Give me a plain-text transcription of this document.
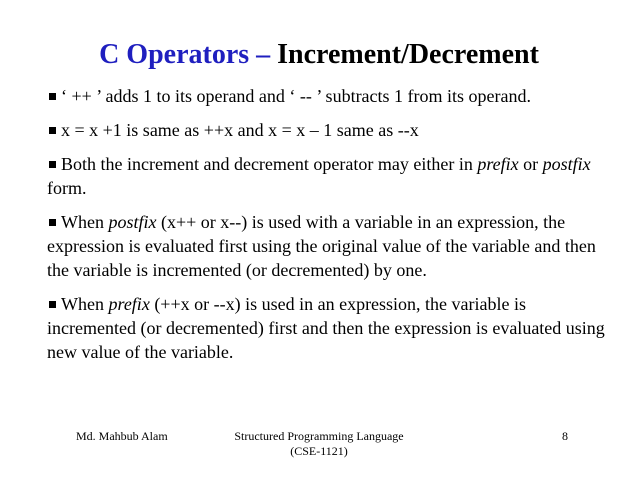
C Operators – Increment/Decrement
‘ ++ ’ adds 1 to its operand and ‘ -- ’ subtracts 1 from its operand.
x = x +1 is same as ++x and x = x – 1 same as --x
Both the increment and decrement operator may either in prefix or postfix form.
When postfix (x++ or x--) is used with a variable in an expression, the expression is evaluated first using the original value of the variable and then the variable is incremented (or decremented) by one.
When prefix (++x or --x) is used in an expression, the variable is incremented (or decremented) first and then the expression is evaluated using new value of the variable.
Md. Mahbub Alam	Structured Programming Language
(CSE-1121)
8
